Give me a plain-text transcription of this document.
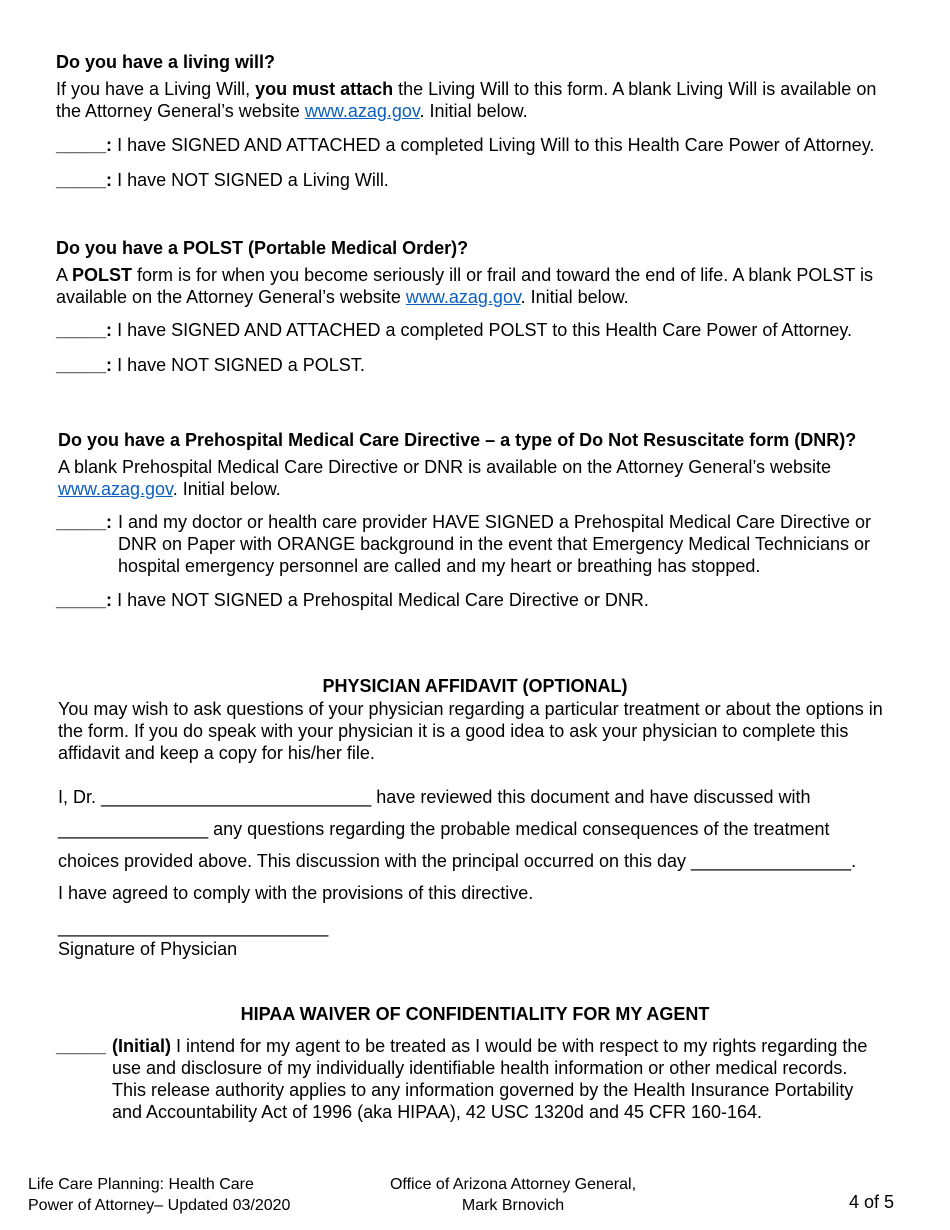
Do you have a living will?
If you have a Living Will, you must attach the Living Will to this form. A blank Living Will is available on the Attorney General’s website www.azag.gov. Initial below.
_____: I have SIGNED AND ATTACHED a completed Living Will to this Health Care Power of Attorney.
_____: I have NOT SIGNED a Living Will.
Do you have a POLST (Portable Medical Order)?
A POLST form is for when you become seriously ill or frail and toward the end of life. A blank POLST is available on the Attorney General’s website www.azag.gov. Initial below.
_____: I have SIGNED AND ATTACHED a completed POLST to this Health Care Power of Attorney.
_____: I have NOT SIGNED a POLST.
Do you have a Prehospital Medical Care Directive – a type of Do Not Resuscitate form (DNR)?
A blank Prehospital Medical Care Directive or DNR is available on the Attorney General’s website www.azag.gov. Initial below.
_____: I and my doctor or health care provider HAVE SIGNED a Prehospital Medical Care Directive or DNR on Paper with ORANGE background in the event that Emergency Medical Technicians or hospital emergency personnel are called and my heart or breathing has stopped.
_____: I have NOT SIGNED a Prehospital Medical Care Directive or DNR.
PHYSICIAN AFFIDAVIT (OPTIONAL)
You may wish to ask questions of your physician regarding a particular treatment or about the options in the form. If you do speak with your physician it is a good idea to ask your physician to complete this affidavit and keep a copy for his/her file.
I, Dr. ___________________________ have reviewed this document and have discussed with
_______________ any questions regarding the probable medical consequences of the treatment
choices provided above. This discussion with the principal occurred on this day ________________.
I have agreed to comply with the provisions of this directive.
___________________________
Signature of Physician
HIPAA WAIVER OF CONFIDENTIALITY FOR MY AGENT
_____ (Initial) I intend for my agent to be treated as I would be with respect to my rights regarding the use and disclosure of my individually identifiable health information or other medical records. This release authority applies to any information governed by the Health Insurance Portability and Accountability Act of 1996 (aka HIPAA), 42 USC 1320d and 45 CFR 160-164.
Life Care Planning: Health Care
Power of Attorney– Updated 03/2020
Office of Arizona Attorney General,
Mark Brnovich	4 of 5
